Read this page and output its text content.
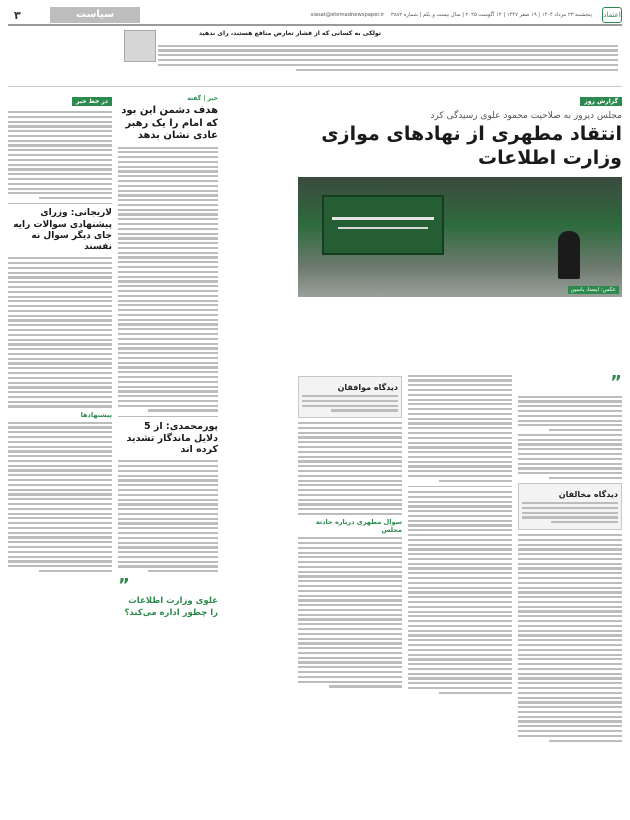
اعتماد
پنجشنبه ۲۳ مرداد ۱۴۰۴ | ۱۹ صفر ۱۴۴۷ | ۱۴ آگوست ۲۰۲۵ | سال بیست و یکم | شماره ۳۸۸۲    siasat@etemadnewspaper.ir
سیاست
۳
تولکی‌ به کسانی که از فشار تعارض منافع هستند، رای ندهید
گزارش روز
مجلس دیروز به صلاحیت محمود علوی رسیدگی کرد
انتقاد مطهری از نهادهای موازی وزارت اطلاعات
عکس: ایسنا، یاسین
”
دیدگاه مخالفان
دیدگاه موافقان
سوال مطهری درباره حادثه مجلس
خبر | گفته
هدف دشمن این بود که امام را یک رهبر عادی نشان بدهد
پورمحمدی: از 5 دلایل ماندگار تشدید کرده اند
”
علوی وزارت اطلاعات را چطور اداره می‌کند؟
در خط خبر
لاریجانی: وزرای پیشنهادی سوالات رایه جای دیگر سوال نه نفسند
پیشنهادها
